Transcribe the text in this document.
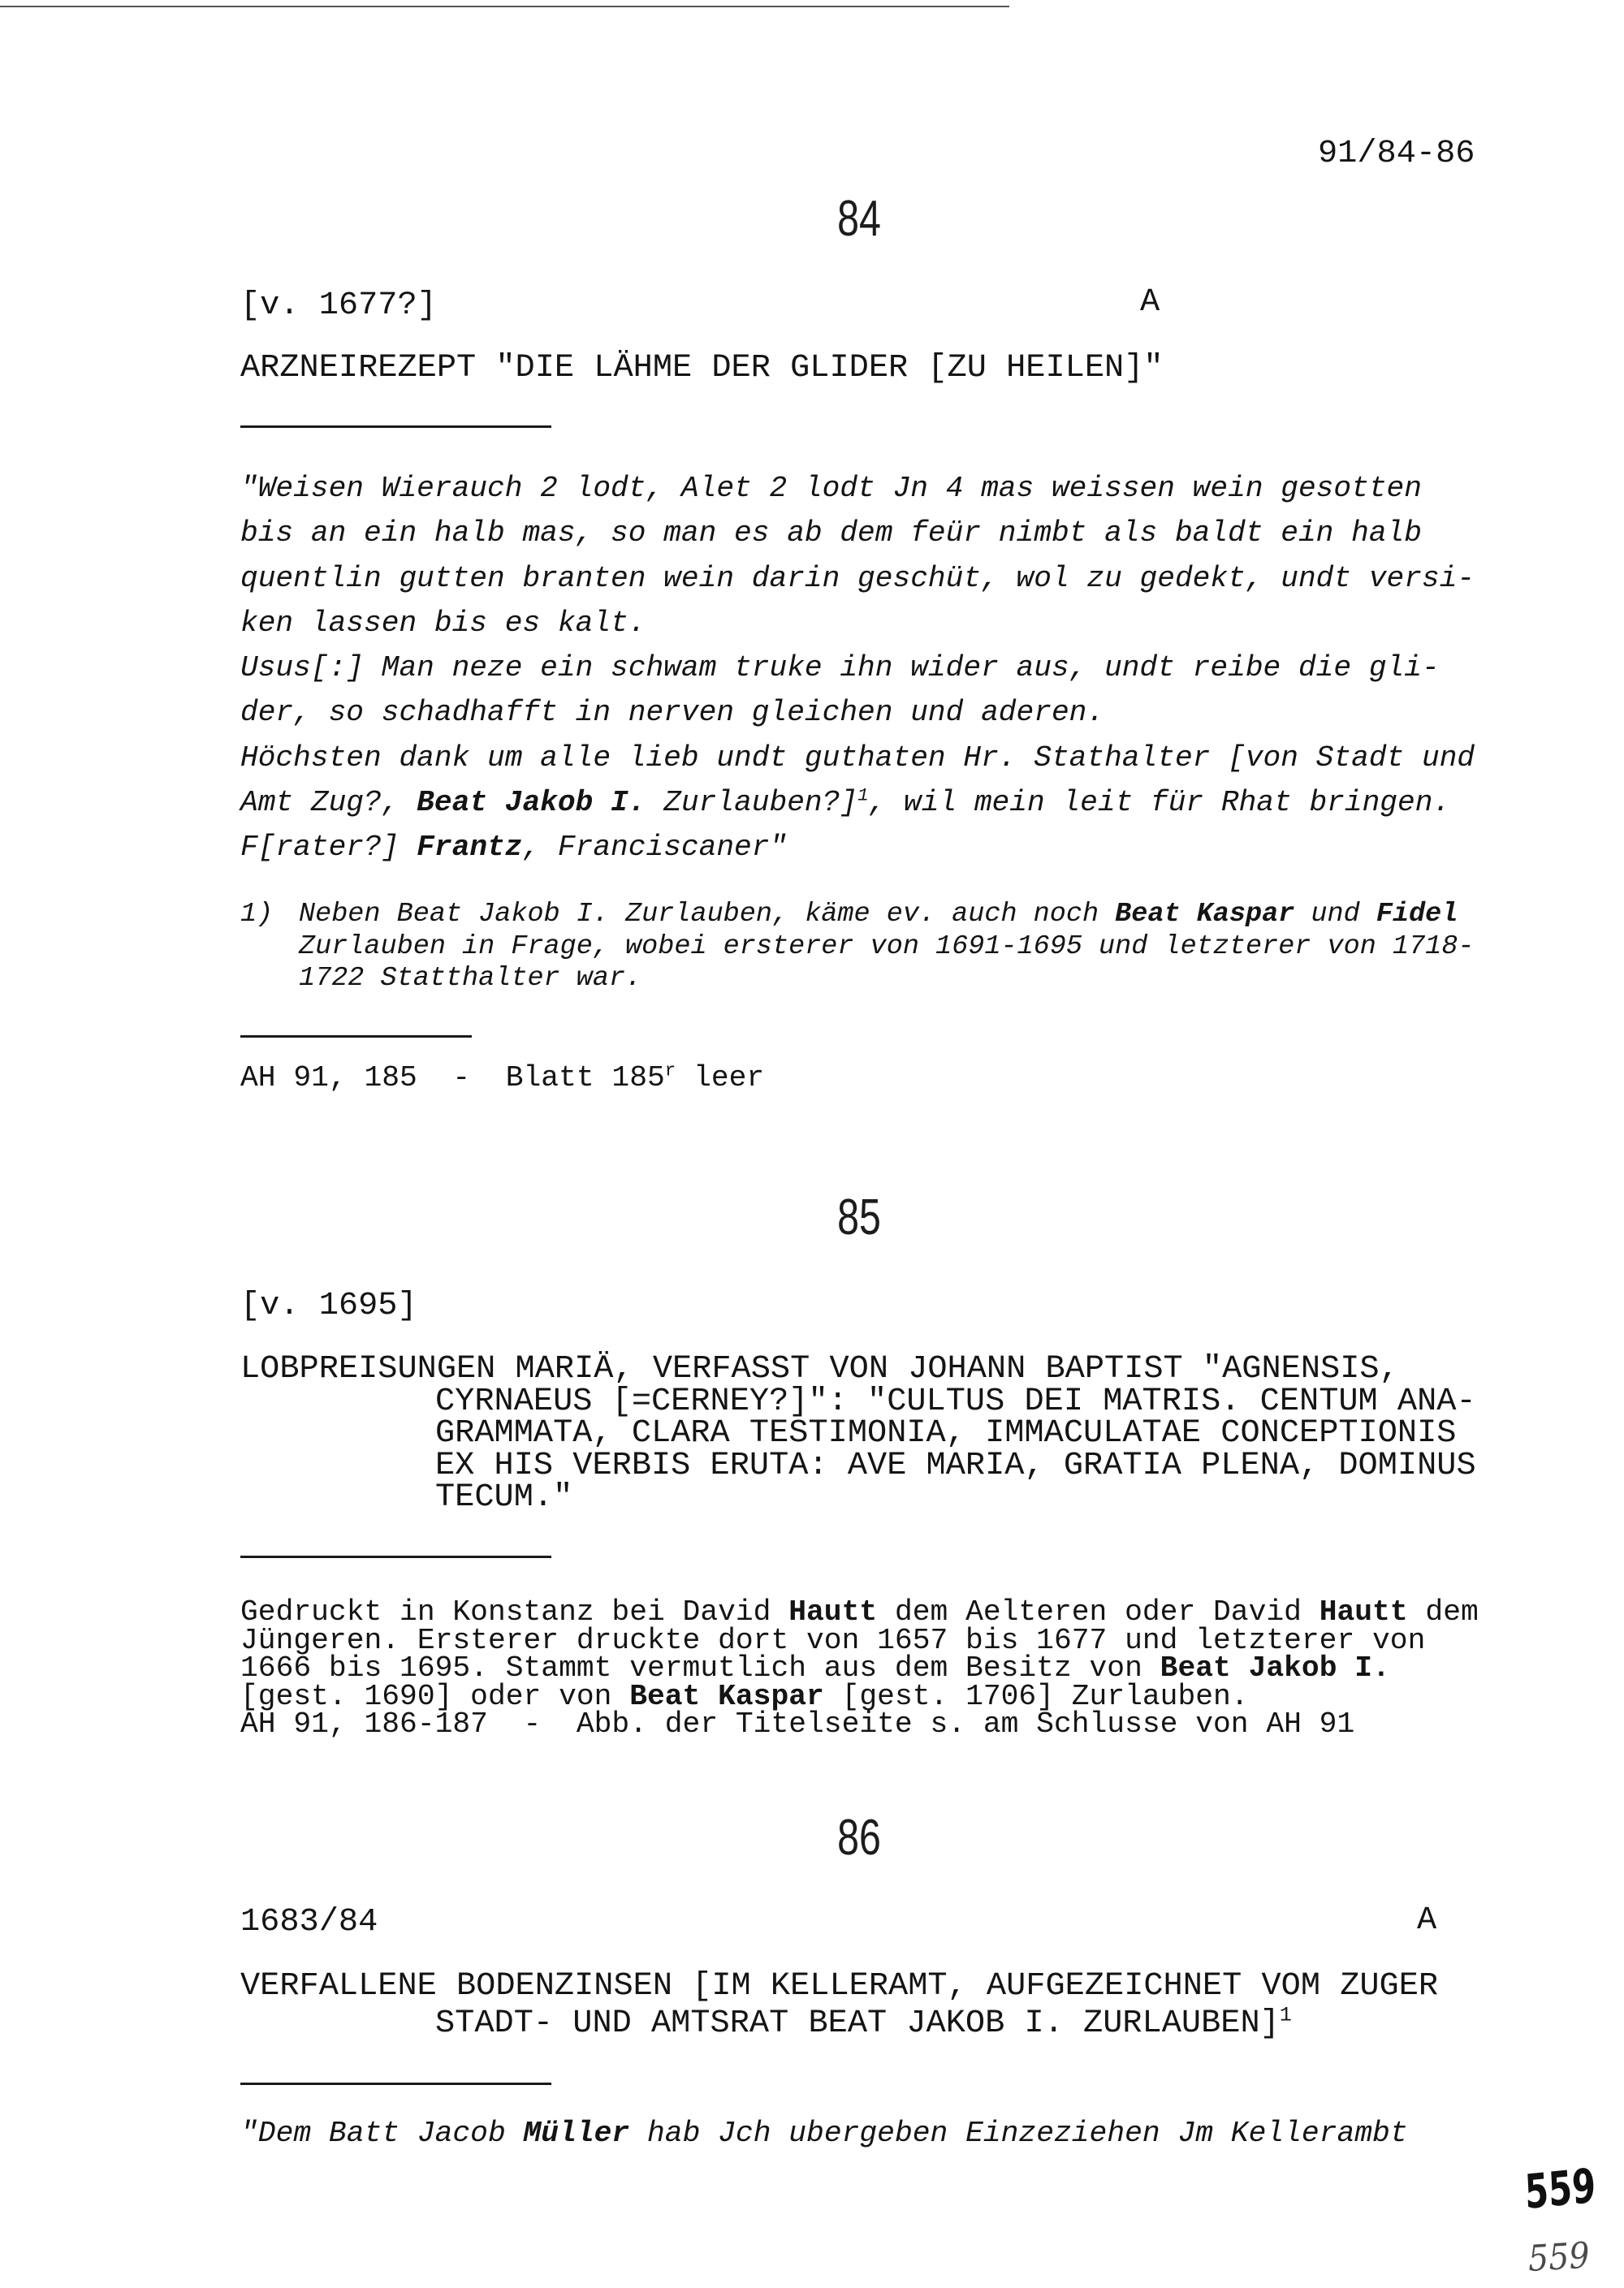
91/84-86
84
[v. 1677?]	A
ARZNEIREZEPT "DIE LÄHME DER GLIDER [ZU HEILEN]"
"Weisen Wierauch 2 lodt, Alet 2 lodt Jn 4 mas weissen wein gesotten
bis an ein halb mas, so man es ab dem feür nimbt als baldt ein halb
quentlin gutten branten wein darin geschüt, wol zu gedekt, undt versi-
ken lassen bis es kalt.
Usus[:] Man neze ein schwam truke ihn wider aus, undt reibe die gli-
der, so schadhafft in nerven gleichen und aderen.
Höchsten dank um alle lieb undt guthaten Hr. Stathalter [von Stadt und
Amt Zug?, Beat Jakob I. Zurlauben?]$^1$, wil mein leit für Rhat bringen.
F[rater?] Frantz, Franciscaner"
1) Neben Beat Jakob I. Zurlauben, käme ev. auch noch Beat Kaspar und Fidel
Zurlauben in Frage, wobei ersterer von 1691-1695 und letzterer von 1718-
1722 Statthalter war.
AH 91, 185  -  Blatt 185$^r$ leer
85
[v. 1695]
LOBPREISUNGEN MARIÄ, VERFASST VON JOHANN BAPTIST "AGNENSIS,
CYRNAEUS [=CERNEY?]": "CULTUS DEI MATRIS. CENTUM ANA-
GRAMMATA, CLARA TESTIMONIA, IMMACULATAE CONCEPTIONIS
EX HIS VERBIS ERUTA: AVE MARIA, GRATIA PLENA, DOMINUS
TECUM."
Gedruckt in Konstanz bei David Hautt dem Aelteren oder David Hautt dem
Jüngeren. Ersterer druckte dort von 1657 bis 1677 und letzterer von
1666 bis 1695. Stammt vermutlich aus dem Besitz von Beat Jakob I.
[gest. 1690] oder von Beat Kaspar [gest. 1706] Zurlauben.
AH 91, 186-187  -  Abb. der Titelseite s. am Schlusse von AH 91
86
1683/84	A
VERFALLENE BODENZINSEN [IM KELLERAMT, AUFGEZEICHNET VOM ZUGER
STADT- UND AMTSRAT BEAT JAKOB I. ZURLAUBEN]$^1$
"Dem Batt Jacob Müller hab Jch ubergeben Einzeziehen Jm Kellerambt
559
559
